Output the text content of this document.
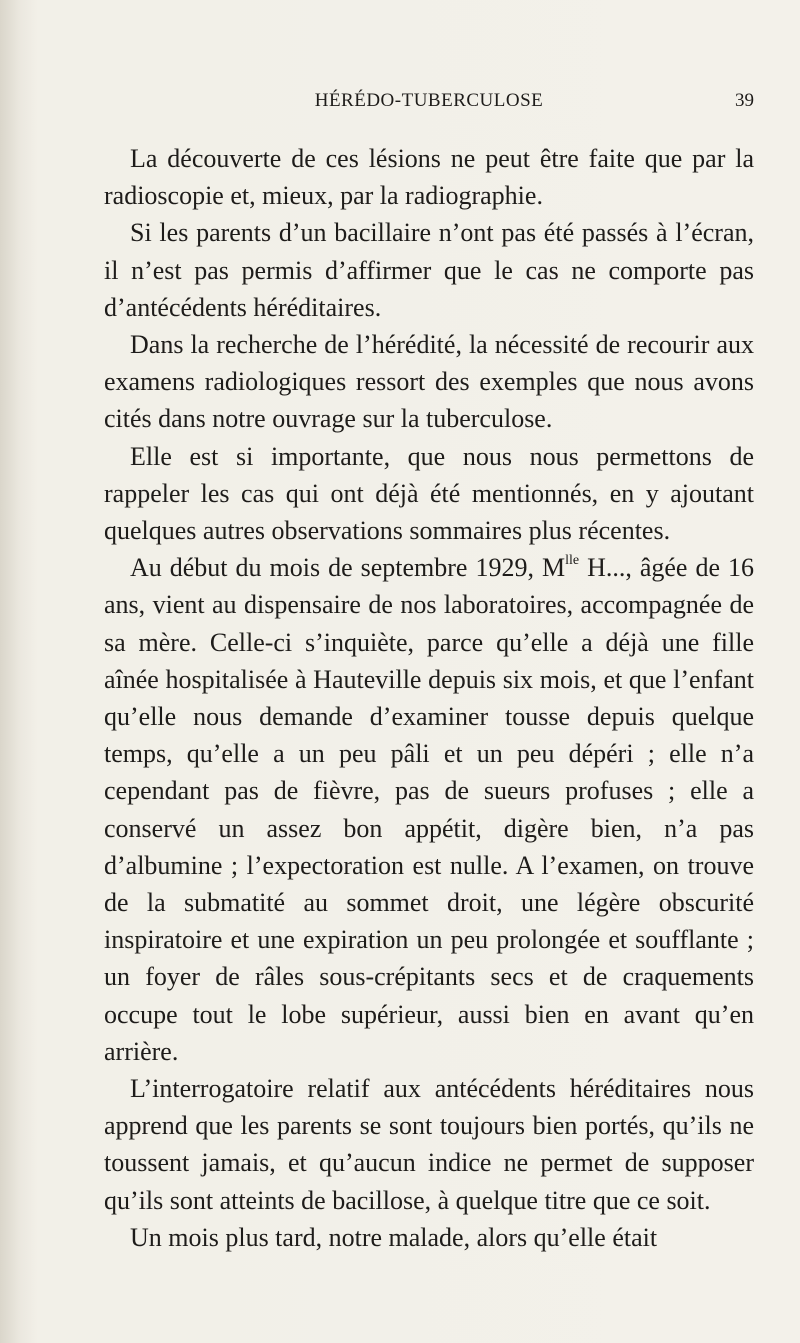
HÉRÉDO-TUBERCULOSE	39

La découverte de ces lésions ne peut être faite que par la radioscopie et, mieux, par la radiographie.

Si les parents d’un bacillaire n’ont pas été passés à l’écran, il n’est pas permis d’affirmer que le cas ne comporte pas d’antécédents héréditaires.

Dans la recherche de l’hérédité, la nécessité de recourir aux examens radiologiques ressort des exemples que nous avons cités dans notre ouvrage sur la tuberculose.

Elle est si importante, que nous nous permettons de rappeler les cas qui ont déjà été mentionnés, en y ajoutant quelques autres observations sommaires plus récentes.

Au début du mois de septembre 1929, $M^{lle}$ H..., âgée de 16 ans, vient au dispensaire de nos laboratoires, accompagnée de sa mère. Celle-ci s’inquiète, parce qu’elle a déjà une fille aînée hospitalisée à Hauteville depuis six mois, et que l’enfant qu’elle nous demande d’examiner tousse depuis quelque temps, qu’elle a un peu pâli et un peu dépéri ; elle n’a cependant pas de fièvre, pas de sueurs profuses ; elle a conservé un assez bon appétit, digère bien, n’a pas d’albumine ; l’expectoration est nulle. A l’examen, on trouve de la submatité au sommet droit, une légère obscurité inspiratoire et une expiration un peu prolongée et soufflante ; un foyer de râles sous-crépitants secs et de craquements occupe tout le lobe supérieur, aussi bien en avant qu’en arrière.

L’interrogatoire relatif aux antécédents héréditaires nous apprend que les parents se sont toujours bien portés, qu’ils ne toussent jamais, et qu’aucun indice ne permet de supposer qu’ils sont atteints de bacillose, à quelque titre que ce soit.

Un mois plus tard, notre malade, alors qu’elle était
